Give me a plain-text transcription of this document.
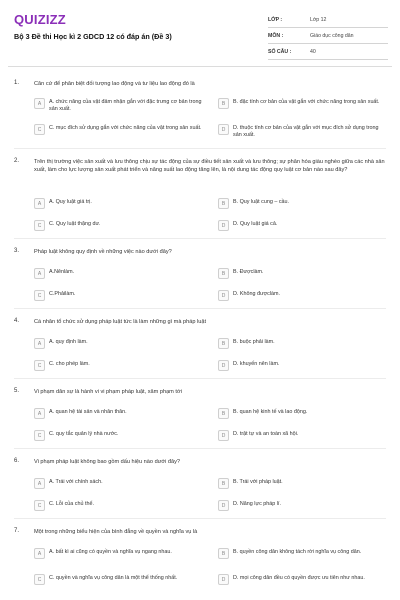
QUIZIZZ
Bộ 3 Đề thi Học kì 2 GDCD 12 có đáp án (Đề 3)
LỚP :	Lớp 12
MÔN :	Giáo dục công dân
SỐ CÂU :	40
1.	Căn cứ để phân biệt đối tượng lao động và tư liệu lao động đó là
A	A. chức năng của vật đảm nhận gắn với đặc trưng cơ bản trong sản xuất.
B	B. đặc tính cơ bản của vật gắn với chức năng trong sản xuất.
C	C. mục đích sử dụng gắn với chức năng của vật trong sản xuất.	D	D. thuộc tính cơ bản của vật gắn với mục đích sử dụng trong sản xuất.
2.	Trên thị trường việc sản xuất và lưu thông chịu sự tác động của sự điều tiết sản xuất và lưu thông; sự phân hóa giàu nghèo giữa các nhà sản xuất, làm cho lực lượng sản xuất phát triển và năng suất lao động tăng lên, là nội dung tác động quy luật cơ bản nào sau đây?
A	A. Quy luật giá trị.	B	B. Quy luật cung – cầu.
C	C. Quy luật thặng dư.	D	D. Quy luật giá cả.
3.	Pháp luật không quy định về những việc nào dưới đây?
A	A.Nênlàm.	B	B. Đượclàm.
C	C.Phảilàm.	D	D. Không đượclàm.
4.	Cá nhân tổ chức sử dụng pháp luật tức là làm những gì mà pháp luật
A	A. quy định làm.	B	B. buộc phải làm.
C	C. cho phép làm.	D	D. khuyến nên làm.
5.	Vi phạm dân sự là hành vi vi phạm pháp luật, xâm phạm tới
A	A. quan hệ tài sản và nhân thân.	B	B. quan hệ kinh tế và lao động.
C	C. quy tắc quản lý nhà nước.	D	D. trật tự và an toàn xã hội.
6.	Vi phạm pháp luật không bao gồm dấu hiệu nào dưới đây?
A	A. Trái với chính sách.	B	B. Trái với pháp luật.
C	C. Lỗi của chủ thể.	D	D. Năng lực pháp lí.
7.	Một trong những biểu hiện của bình đẳng về quyền và nghĩa vụ là
A	A. bất kì ai cũng có quyền và nghĩa vụ ngang nhau.	B	B. quyền công dân không tách rời nghĩa vụ công dân.
C	C. quyền và nghĩa vụ công dân là một thể thống nhất.	D	D. mọi công dân đều có quyền được ưu tiên như nhau.
